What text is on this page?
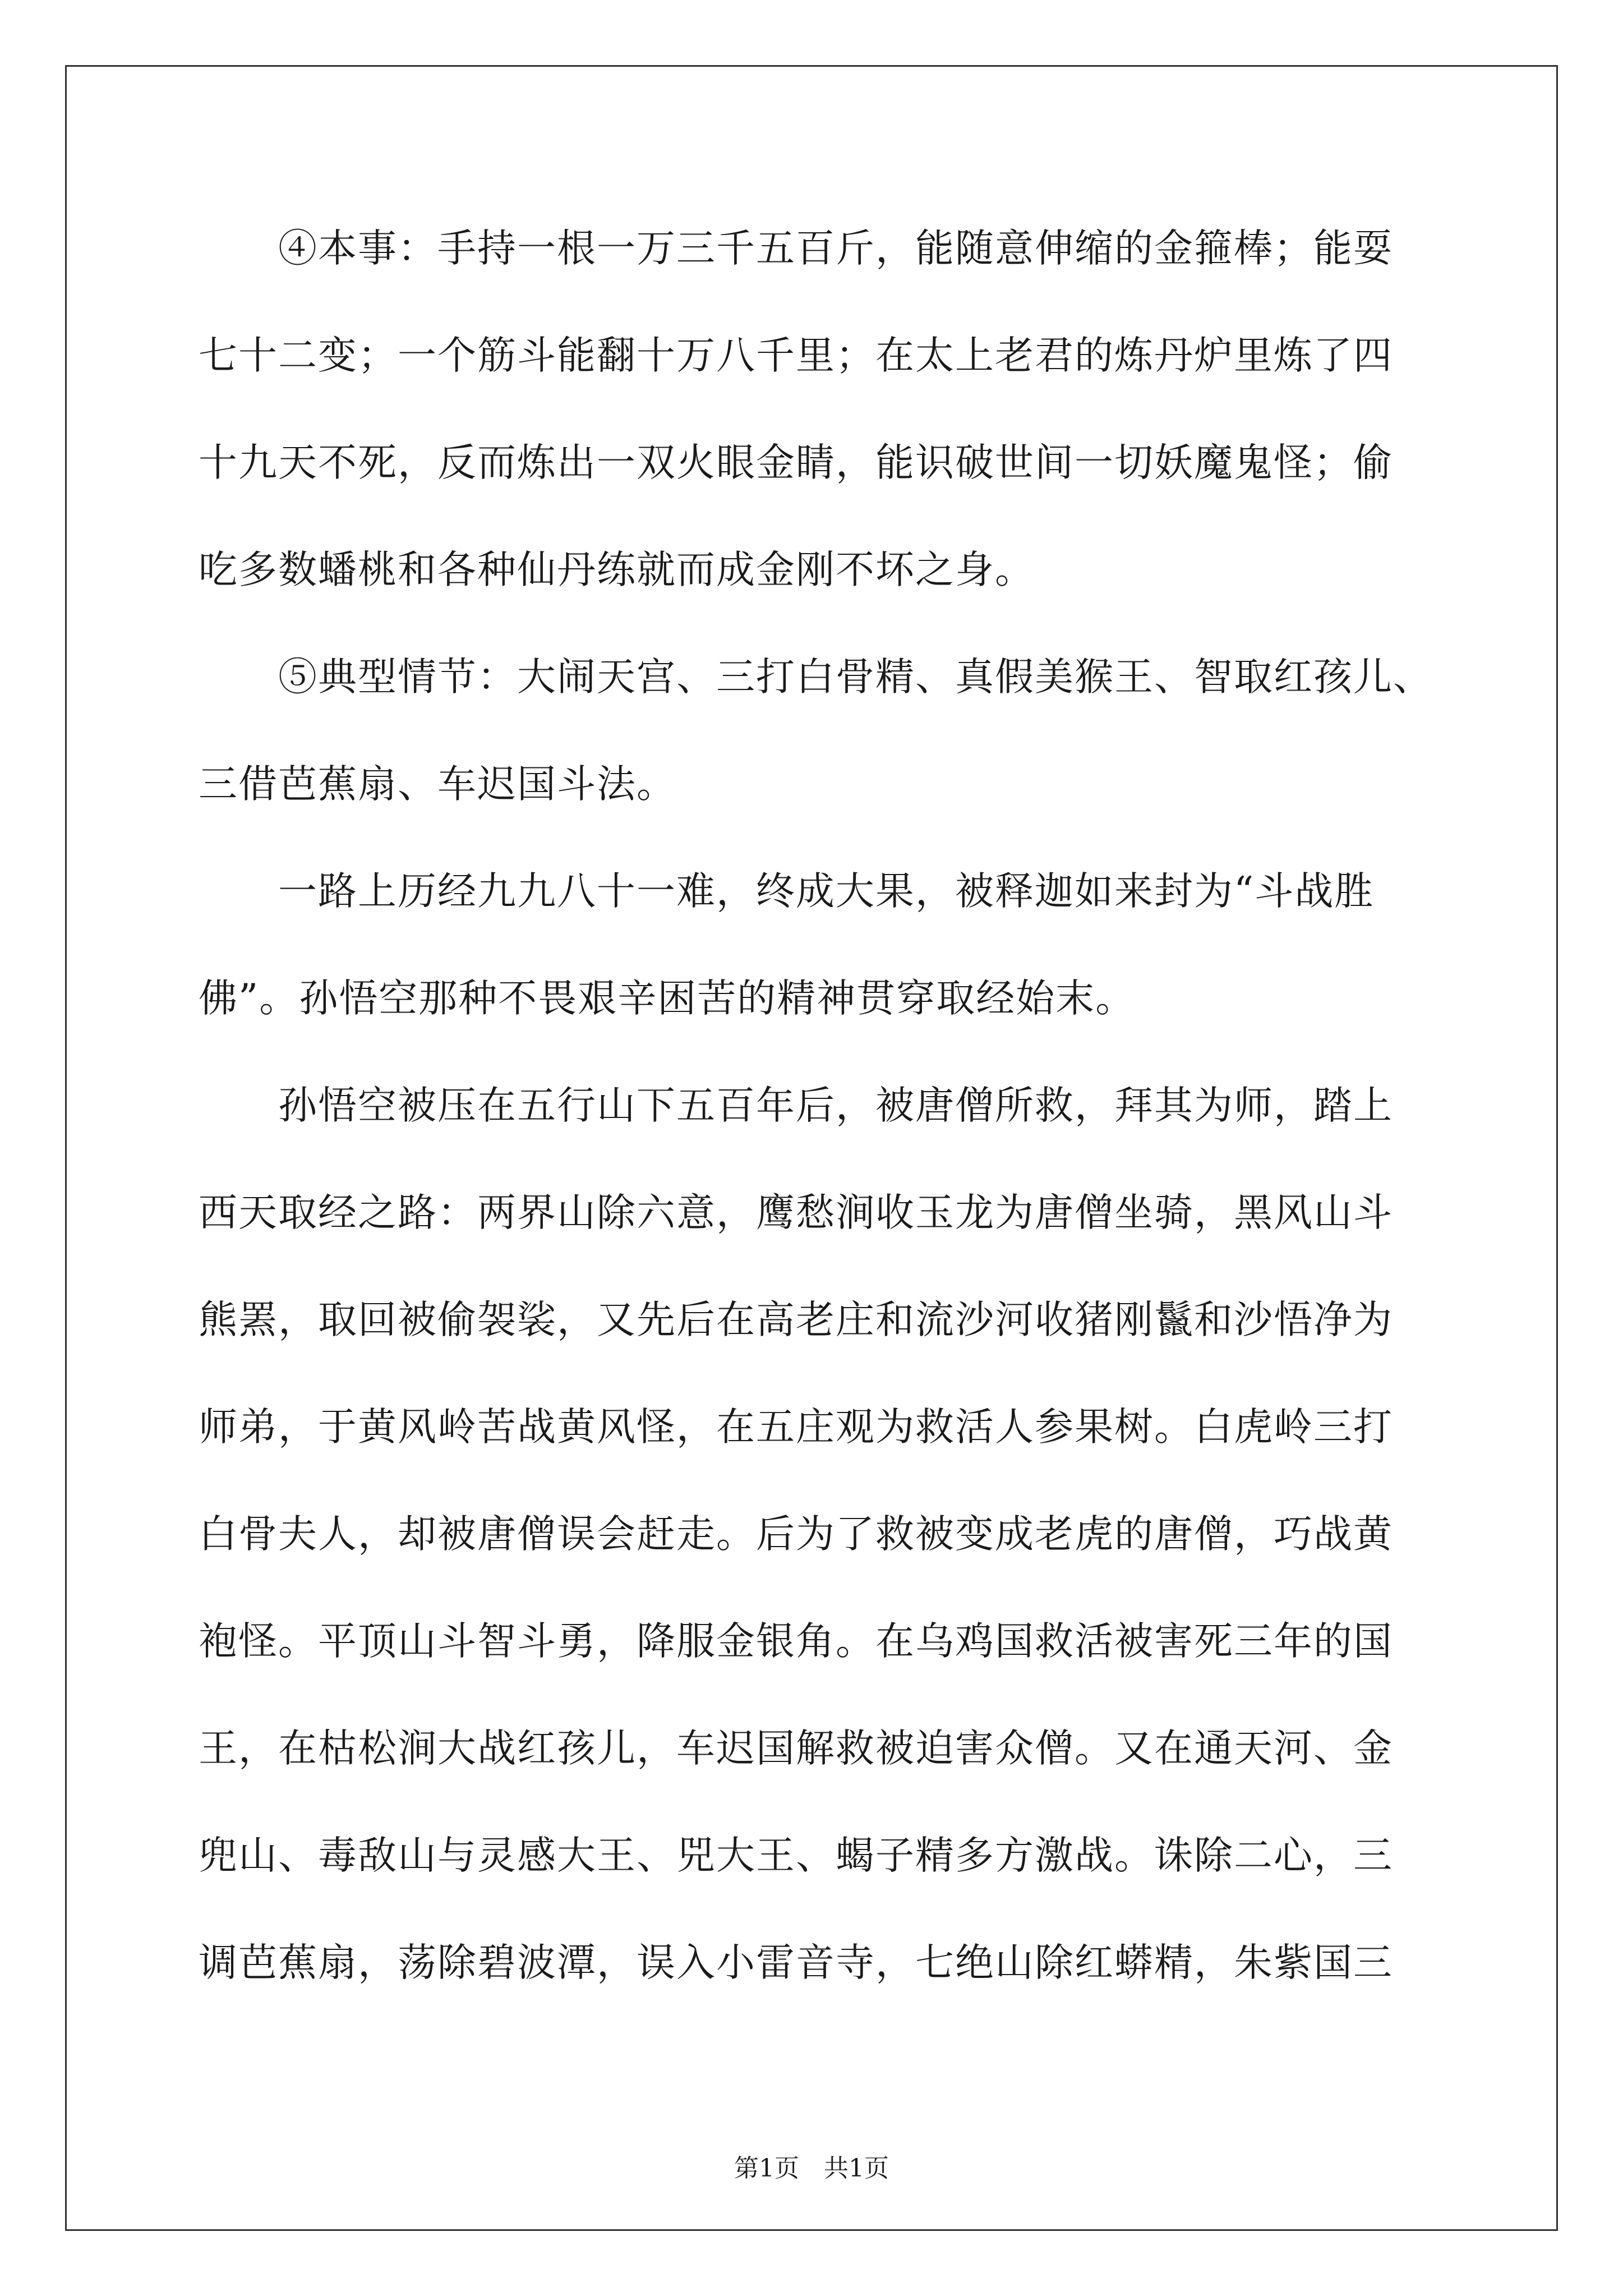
　　④本事：手持一根一万三千五百斤，能随意伸缩的金箍棒；能耍
七十二变；一个筋斗能翻十万八千里；在太上老君的炼丹炉里炼了四
十九天不死，反而炼出一双火眼金睛，能识破世间一切妖魔鬼怪；偷
吃多数蟠桃和各种仙丹练就而成金刚不坏之身。
　　⑤典型情节：大闹天宫、三打白骨精、真假美猴王、智取红孩儿、
三借芭蕉扇、车迟国斗法。
　　一路上历经九九八十一难，终成大果，被释迦如来封为“斗战胜
佛”。孙悟空那种不畏艰辛困苦的精神贯穿取经始末。
　　孙悟空被压在五行山下五百年后，被唐僧所救，拜其为师，踏上
西天取经之路：两界山除六意，鹰愁涧收玉龙为唐僧坐骑，黑风山斗
熊罴，取回被偷袈裟，又先后在高老庄和流沙河收猪刚鬣和沙悟净为
师弟，于黄风岭苦战黄风怪，在五庄观为救活人参果树。白虎岭三打
白骨夫人，却被唐僧误会赶走。后为了救被变成老虎的唐僧，巧战黄
袍怪。平顶山斗智斗勇，降服金银角。在乌鸡国救活被害死三年的国
王，在枯松涧大战红孩儿，车迟国解救被迫害众僧。又在通天河、金
兜山、毒敌山与灵感大王、兕大王、蝎子精多方激战。诛除二心，三
调芭蕉扇，荡除碧波潭，误入小雷音寺，七绝山除红蟒精，朱紫国三
第1页 共1页
